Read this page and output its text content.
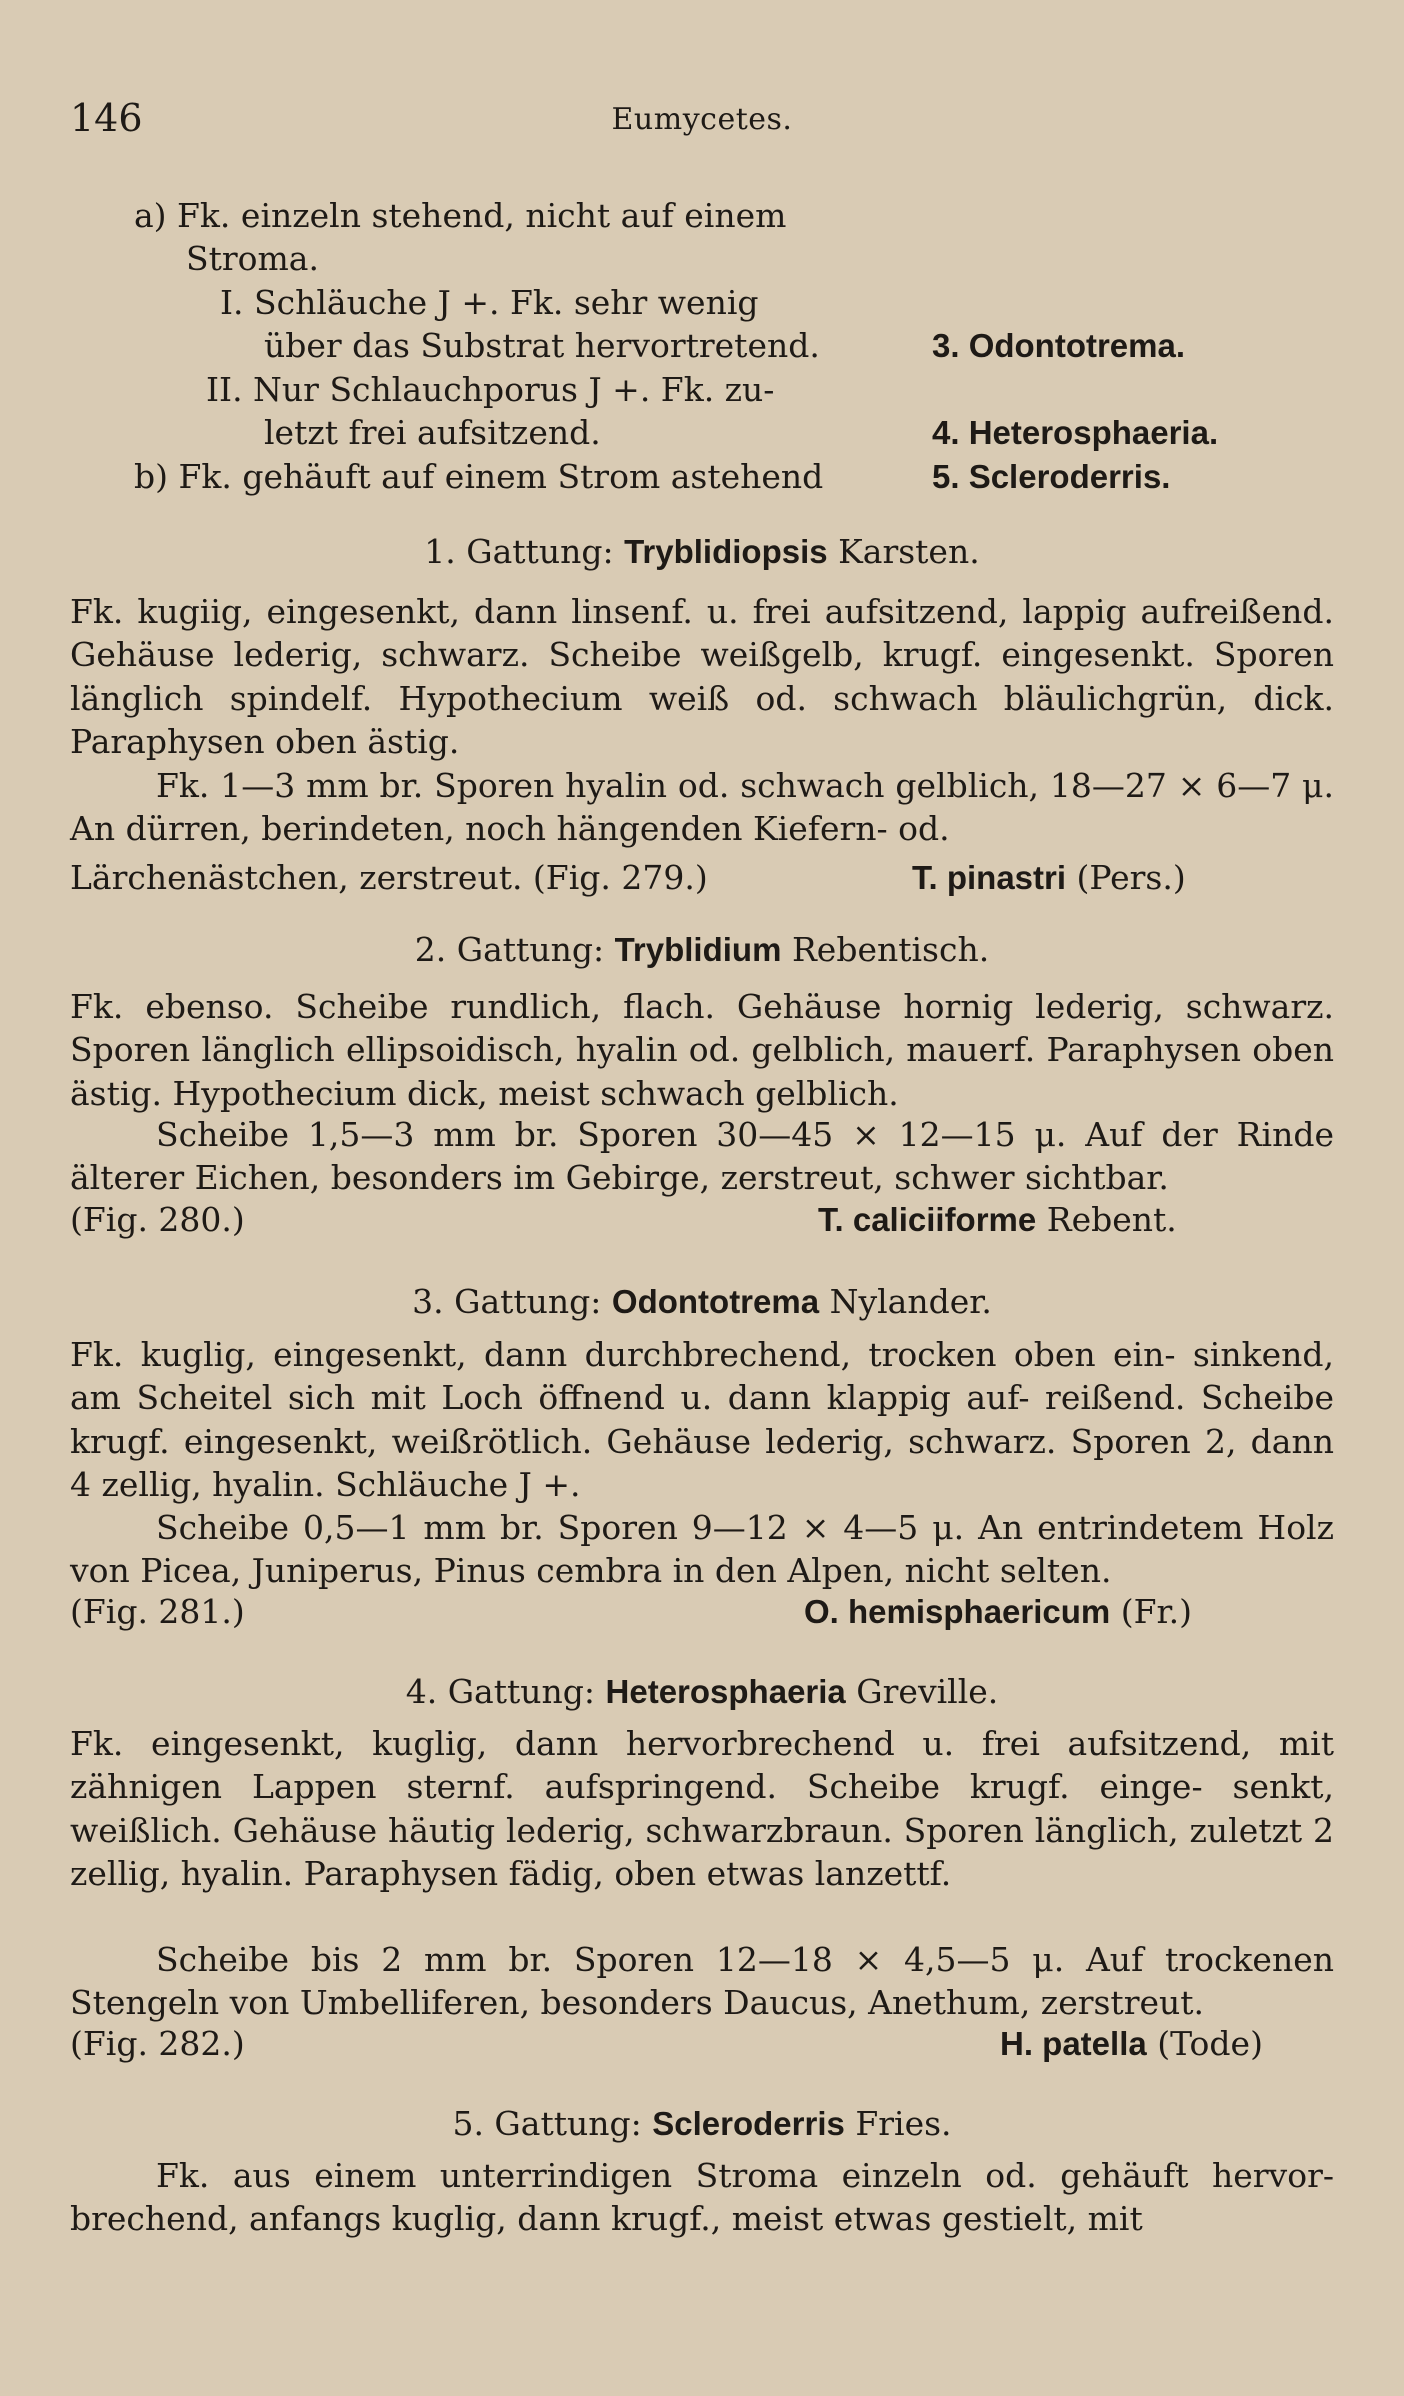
146	Eumycetes.
a) Fk. einzeln stehend, nicht auf einem
Stroma.
I. Schläuche J +. Fk. sehr wenig
über das Substrat hervortretend.	3. Odontotrema.
II. Nur Schlauchporus J +. Fk. zu-
letzt frei aufsitzend.	4. Heterosphaeria.
b) Fk. gehäuft auf einem Strom astehend	5. Scleroderris.
1. Gattung: Tryblidiopsis Karsten.
Fk. kugiig, eingesenkt, dann linsenf. u. frei aufsitzend, lappig aufreißend. Gehäuse lederig, schwarz. Scheibe weißgelb, krugf. eingesenkt. Sporen länglich spindelf. Hypothecium weiß od. schwach bläulichgrün, dick. Paraphysen oben ästig.
Fk. 1—3 mm br. Sporen hyalin od. schwach gelblich, 18—27 × 6—7 μ. An dürren, berindeten, noch hängenden Kiefern- od.
Lärchenästchen, zerstreut. (Fig. 279.)	T. pinastri (Pers.)
2. Gattung: Tryblidium Rebentisch.
Fk. ebenso. Scheibe rundlich, flach. Gehäuse hornig lederig, schwarz. Sporen länglich ellipsoidisch, hyalin od. gelblich, mauerf. Paraphysen oben ästig. Hypothecium dick, meist schwach gelblich.
Scheibe 1,5—3 mm br. Sporen 30—45 × 12—15 μ. Auf der Rinde älterer Eichen, besonders im Gebirge, zerstreut, schwer sichtbar.
(Fig. 280.)	T. caliciiforme Rebent.
3. Gattung: Odontotrema Nylander.
Fk. kuglig, eingesenkt, dann durchbrechend, trocken oben ein- sinkend, am Scheitel sich mit Loch öffnend u. dann klappig auf- reißend. Scheibe krugf. eingesenkt, weißrötlich. Gehäuse lederig, schwarz. Sporen 2, dann 4 zellig, hyalin. Schläuche J +.
Scheibe 0,5—1 mm br. Sporen 9—12 × 4—5 μ. An entrindetem Holz von Picea, Juniperus, Pinus cembra in den Alpen, nicht selten.
(Fig. 281.)	O. hemisphaericum (Fr.)
4. Gattung: Heterosphaeria Greville.
Fk. eingesenkt, kuglig, dann hervorbrechend u. frei aufsitzend, mit zähnigen Lappen sternf. aufspringend. Scheibe krugf. einge- senkt, weißlich. Gehäuse häutig lederig, schwarzbraun. Sporen länglich, zuletzt 2 zellig, hyalin. Paraphysen fädig, oben etwas lanzettf.
Scheibe bis 2 mm br. Sporen 12—18 × 4,5—5 μ. Auf trockenen Stengeln von Umbelliferen, besonders Daucus, Anethum, zerstreut.
(Fig. 282.)	H. patella (Tode)
5. Gattung: Scleroderris Fries.
Fk. aus einem unterrindigen Stroma einzeln od. gehäuft hervor- brechend, anfangs kuglig, dann krugf., meist etwas gestielt, mit
